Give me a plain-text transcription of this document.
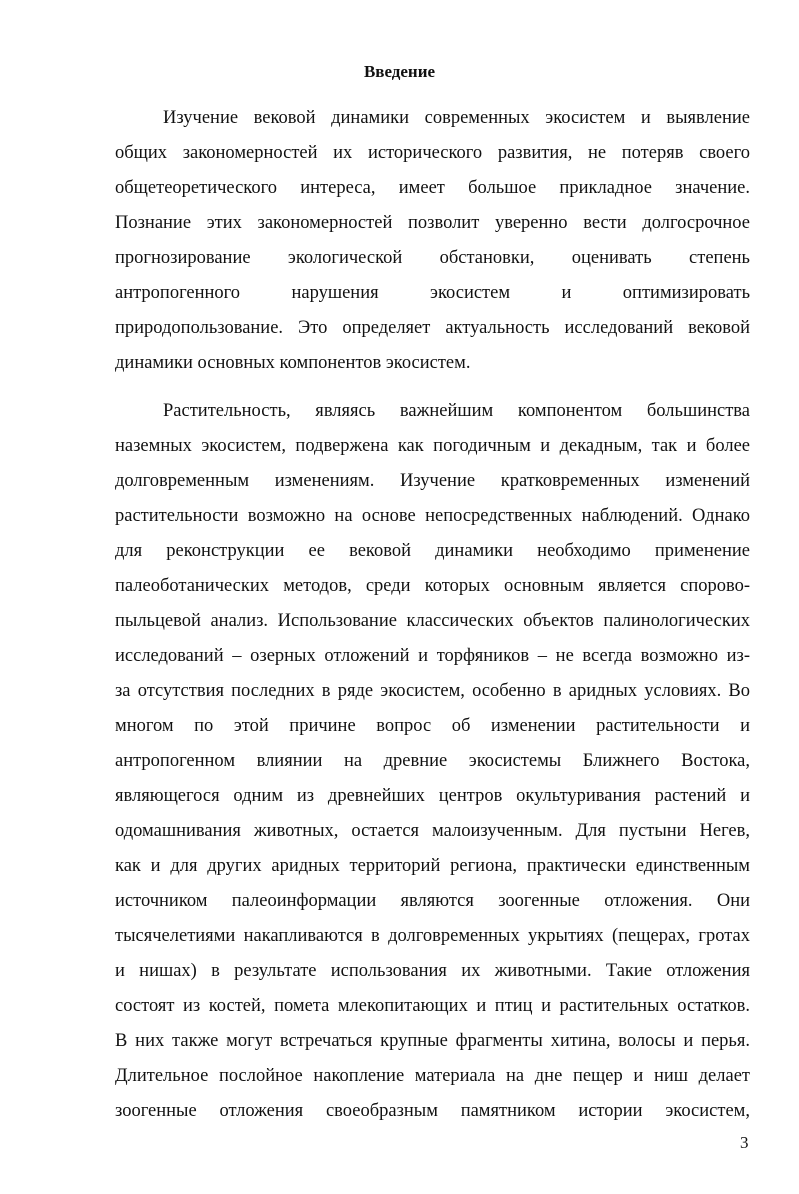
Введение
Изучение вековой динамики современных экосистем и выявление
общих закономерностей их исторического развития, не потеряв своего
общетеоретического интереса, имеет большое прикладное значение.
Познание этих закономерностей позволит уверенно вести долгосрочное
прогнозирование экологической обстановки, оценивать степень
антропогенного нарушения экосистем и оптимизировать
природопользование. Это определяет актуальность исследований вековой
динамики основных компонентов экосистем.
Растительность, являясь важнейшим компонентом большинства
наземных экосистем, подвержена как погодичным и декадным, так и более
долговременным изменениям. Изучение кратковременных изменений
растительности возможно на основе непосредственных наблюдений. Однако
для реконструкции ее вековой динамики необходимо применение
палеоботанических методов, среди которых основным является спорово-
пыльцевой анализ. Использование классических объектов палинологических
исследований – озерных отложений и торфяников – не всегда возможно из-
за отсутствия последних в ряде экосистем, особенно в аридных условиях. Во
многом по этой причине вопрос об изменении растительности и
антропогенном влиянии на древние экосистемы Ближнего Востока,
являющегося одним из древнейших центров окультуривания растений и
одомашнивания животных, остается малоизученным. Для пустыни Негев,
как и для других аридных территорий региона, практически единственным
источником палеоинформации являются зоогенные отложения. Они
тысячелетиями накапливаются в долговременных укрытиях (пещерах, гротах
и нишах) в результате использования их животными. Такие отложения
состоят из костей, помета млекопитающих и птиц и растительных остатков.
В них также могут встречаться крупные фрагменты хитина, волосы и перья.
Длительное послойное накопление материала на дне пещер и ниш делает
зоогенные отложения своеобразным памятником истории экосистем,
3
